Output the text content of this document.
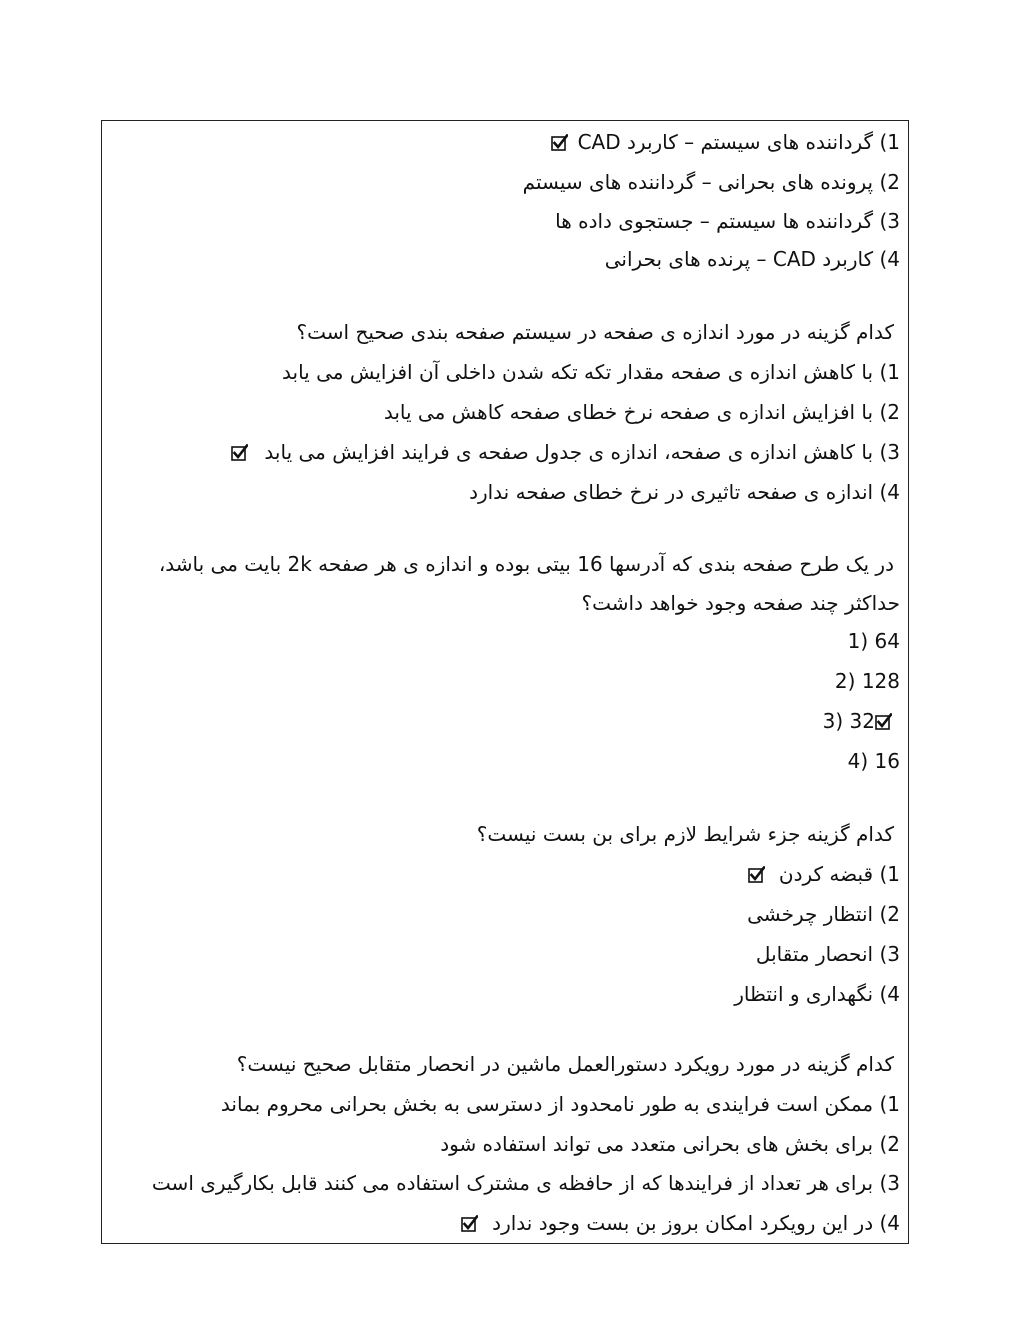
1) گرداننده های سیستم – کاربرد CAD
2) پرونده های بحرانی – گرداننده های سیستم
3) گرداننده ها سیستم – جستجوی داده ها
4) کاربرد CAD – پرنده های بحرانی
کدام گزینه در مورد اندازه ی صفحه در سیستم صفحه بندی صحیح است؟
1) با کاهش اندازه ی صفحه مقدار تکه تکه شدن داخلی آن افزایش می یابد
2) با افزایش اندازه ی صفحه نرخ خطای صفحه کاهش می یابد
3) با کاهش اندازه ی صفحه، اندازه ی جدول صفحه ی فرایند افزایش می یابد
4) اندازه ی صفحه تاثیری در نرخ خطای صفحه ندارد
در یک طرح صفحه بندی که آدرسها 16 بیتی بوده و اندازه ی هر صفحه 2k بایت می باشد،
حداکثر چند صفحه وجود خواهد داشت؟
1) 64
2) 128
3) 32
4) 16
کدام گزینه جزء شرایط لازم برای بن بست نیست؟
1) قبضه کردن
2) انتظار چرخشی
3) انحصار متقابل
4) نگهداری و انتظار
کدام گزینه در مورد رویکرد دستورالعمل ماشین در انحصار متقابل صحیح نیست؟
1) ممکن است فرایندی به طور نامحدود از دسترسی به بخش بحرانی محروم بماند
2) برای بخش های بحرانی متعدد می تواند استفاده شود
3) برای هر تعداد از فرایندها که از حافظه ی مشترک استفاده می کنند قابل بکارگیری است
4) در این رویکرد امکان بروز بن بست وجود ندارد
